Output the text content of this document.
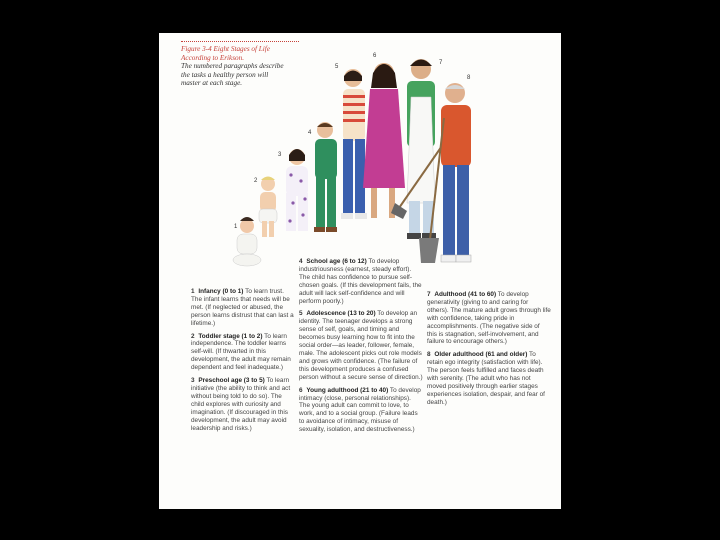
Figure 3-4 Eight Stages of Life According to Erikson.
The numbered paragraphs describe the tasks a healthy person will master at each stage.
1
2
3
4
5
6
7
8
1 Infancy (0 to 1) To learn trust. The infant learns that needs will be met. (If neglected or abused, the person learns distrust that can last a lifetime.)
2 Toddler stage (1 to 2) To learn independence. The toddler learns self-will. (If thwarted in this development, the adult may remain dependent and feel inadequate.)
3 Preschool age (3 to 5) To learn initiative (the ability to think and act without being told to do so). The child explores with curiosity and imagination. (If discouraged in this development, the adult may avoid leadership and risks.)
4 School age (6 to 12) To develop industriousness (earnest, steady effort). The child has confidence to pursue self-chosen goals. (If this development fails, the adult will lack self-confidence and will perform poorly.)
5 Adolescence (13 to 20) To develop an identity. The teenager develops a strong sense of self, goals, and timing and becomes busy learning how to fit into the social order—as leader, follower, female, male. The adolescent picks out role models and grows with confidence. (The failure of this development produces a confused person without a secure sense of direction.)
6 Young adulthood (21 to 40) To develop intimacy (close, personal relationships). The young adult can commit to love, to work, and to a social group. (Failure leads to avoidance of intimacy, misuse of sexuality, isolation, and destructiveness.)
7 Adulthood (41 to 60) To develop generativity (giving to and caring for others). The mature adult grows through life with confidence, taking pride in accomplishments. (The negative side of this is stagnation, self-involvement, and failure to encourage others.)
8 Older adulthood (61 and older) To retain ego integrity (satisfaction with life). The person feels fulfilled and faces death with serenity. (The adult who has not moved positively through earlier stages experiences isolation, despair, and fear of death.)
